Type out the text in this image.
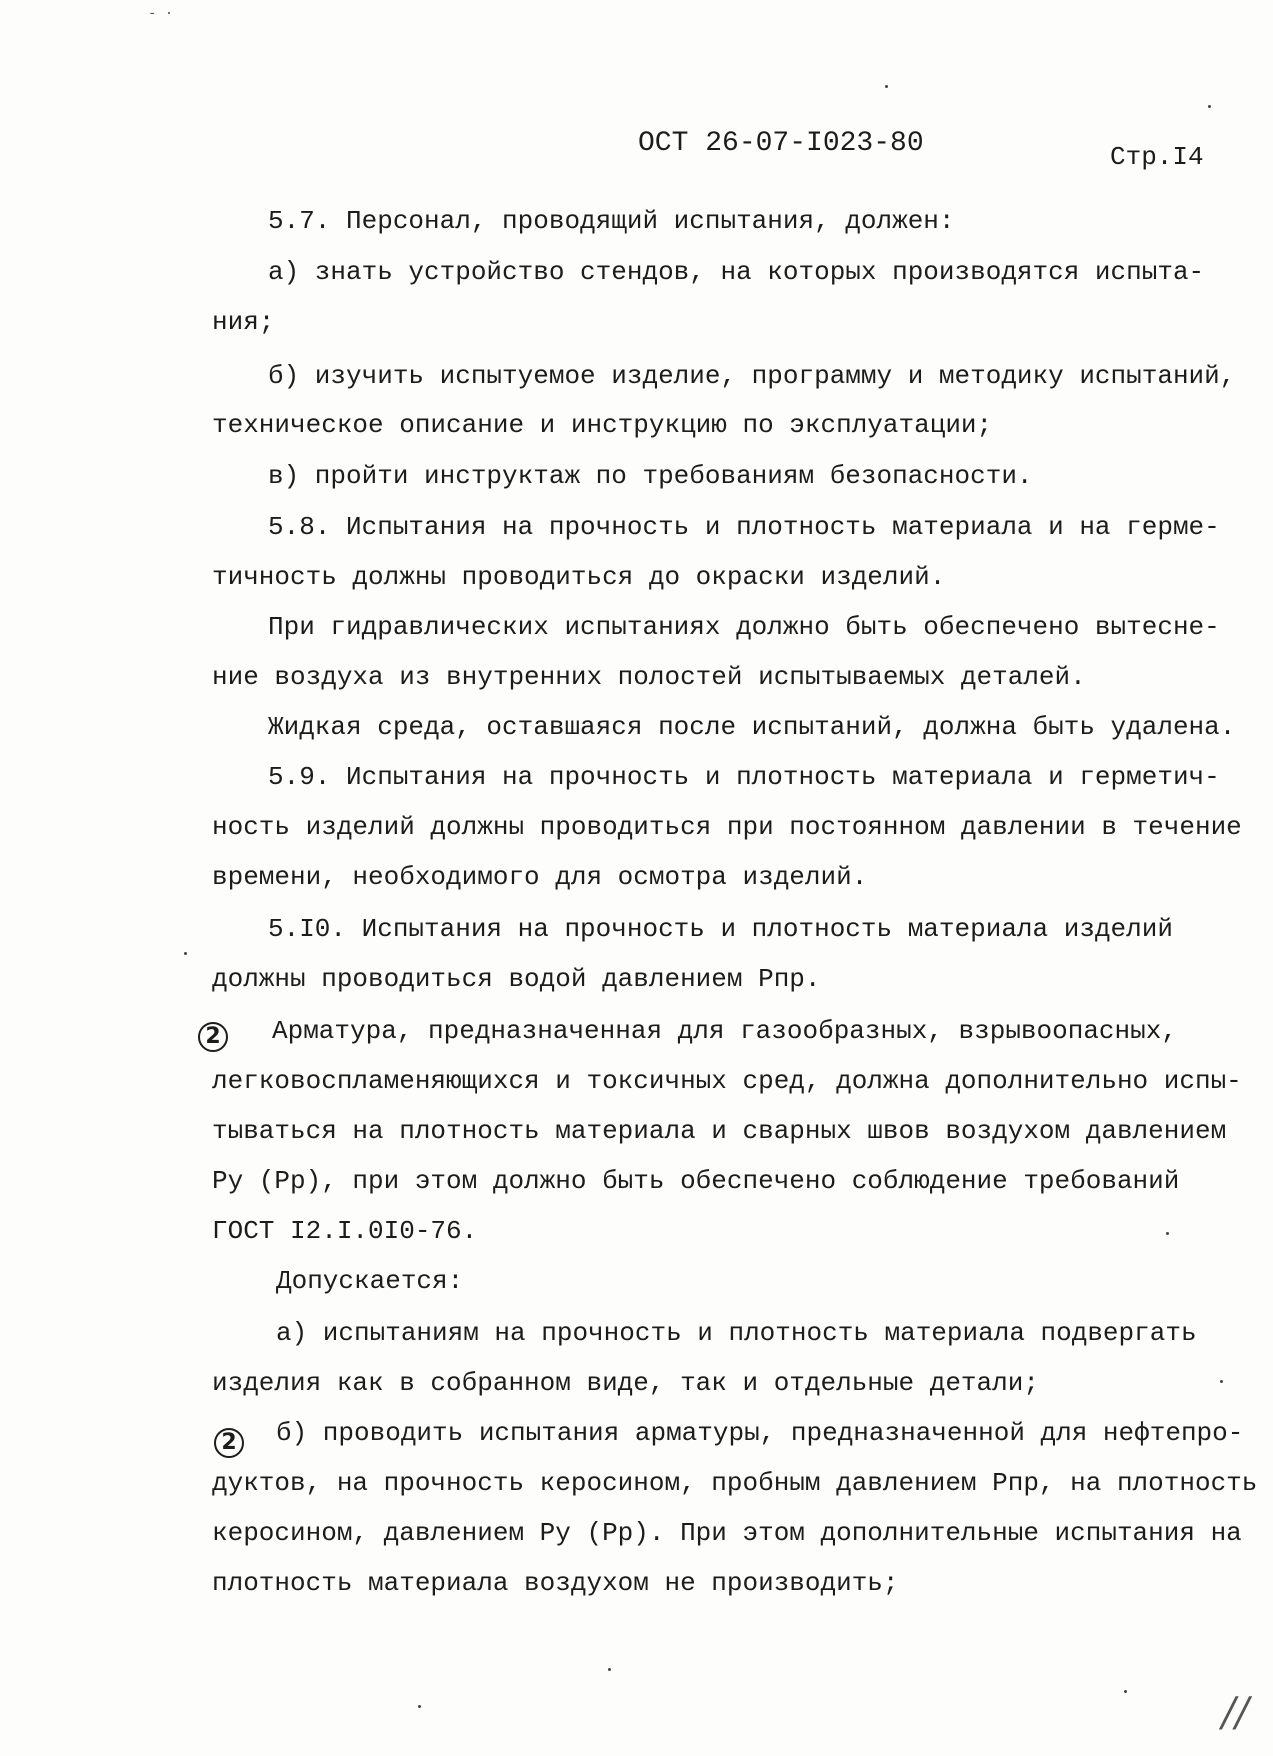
- ·
ОСТ 26-07-I023-80	Стр.I4
5.7. Персонал, проводящий испытания, должен:
а) знать устройство стендов, на которых производятся испыта-
ния;
б) изучить испытуемое изделие, программу и методику испытаний,
техническое описание и инструкцию по эксплуатации;
в) пройти инструктаж по требованиям безопасности.
5.8. Испытания на прочность и плотность материала и на герме-
тичность должны проводиться до окраски изделий.
При гидравлических испытаниях должно быть обеспечено вытесне-
ние воздуха из внутренних полостей испытываемых деталей.
Жидкая среда, оставшаяся после испытаний, должна быть удалена.
5.9. Испытания на прочность и плотность материала и герметич-
ность изделий должны проводиться при постоянном давлении в течение
времени, необходимого для осмотра изделий.
5.I0. Испытания на прочность и плотность материала изделий
должны проводиться водой давлением Рпр.
2 Арматура, предназначенная для газообразных, взрывоопасных,
легковоспламеняющихся и токсичных сред, должна дополнительно испы-
тываться на плотность материала и сварных швов воздухом давлением
Ру (Рр), при этом должно быть обеспечено соблюдение требований
ГОСТ I2.I.0I0-76.
Допускается:
а) испытаниям на прочность и плотность материала подвергать
изделия как в собранном виде, так и отдельные детали;
2 б) проводить испытания арматуры, предназначенной для нефтепро-
дуктов, на прочность керосином, пробным давлением Рпр, на плотность
керосином, давлением Ру (Рр). При этом дополнительные испытания на
плотность материала воздухом не производить;
//
